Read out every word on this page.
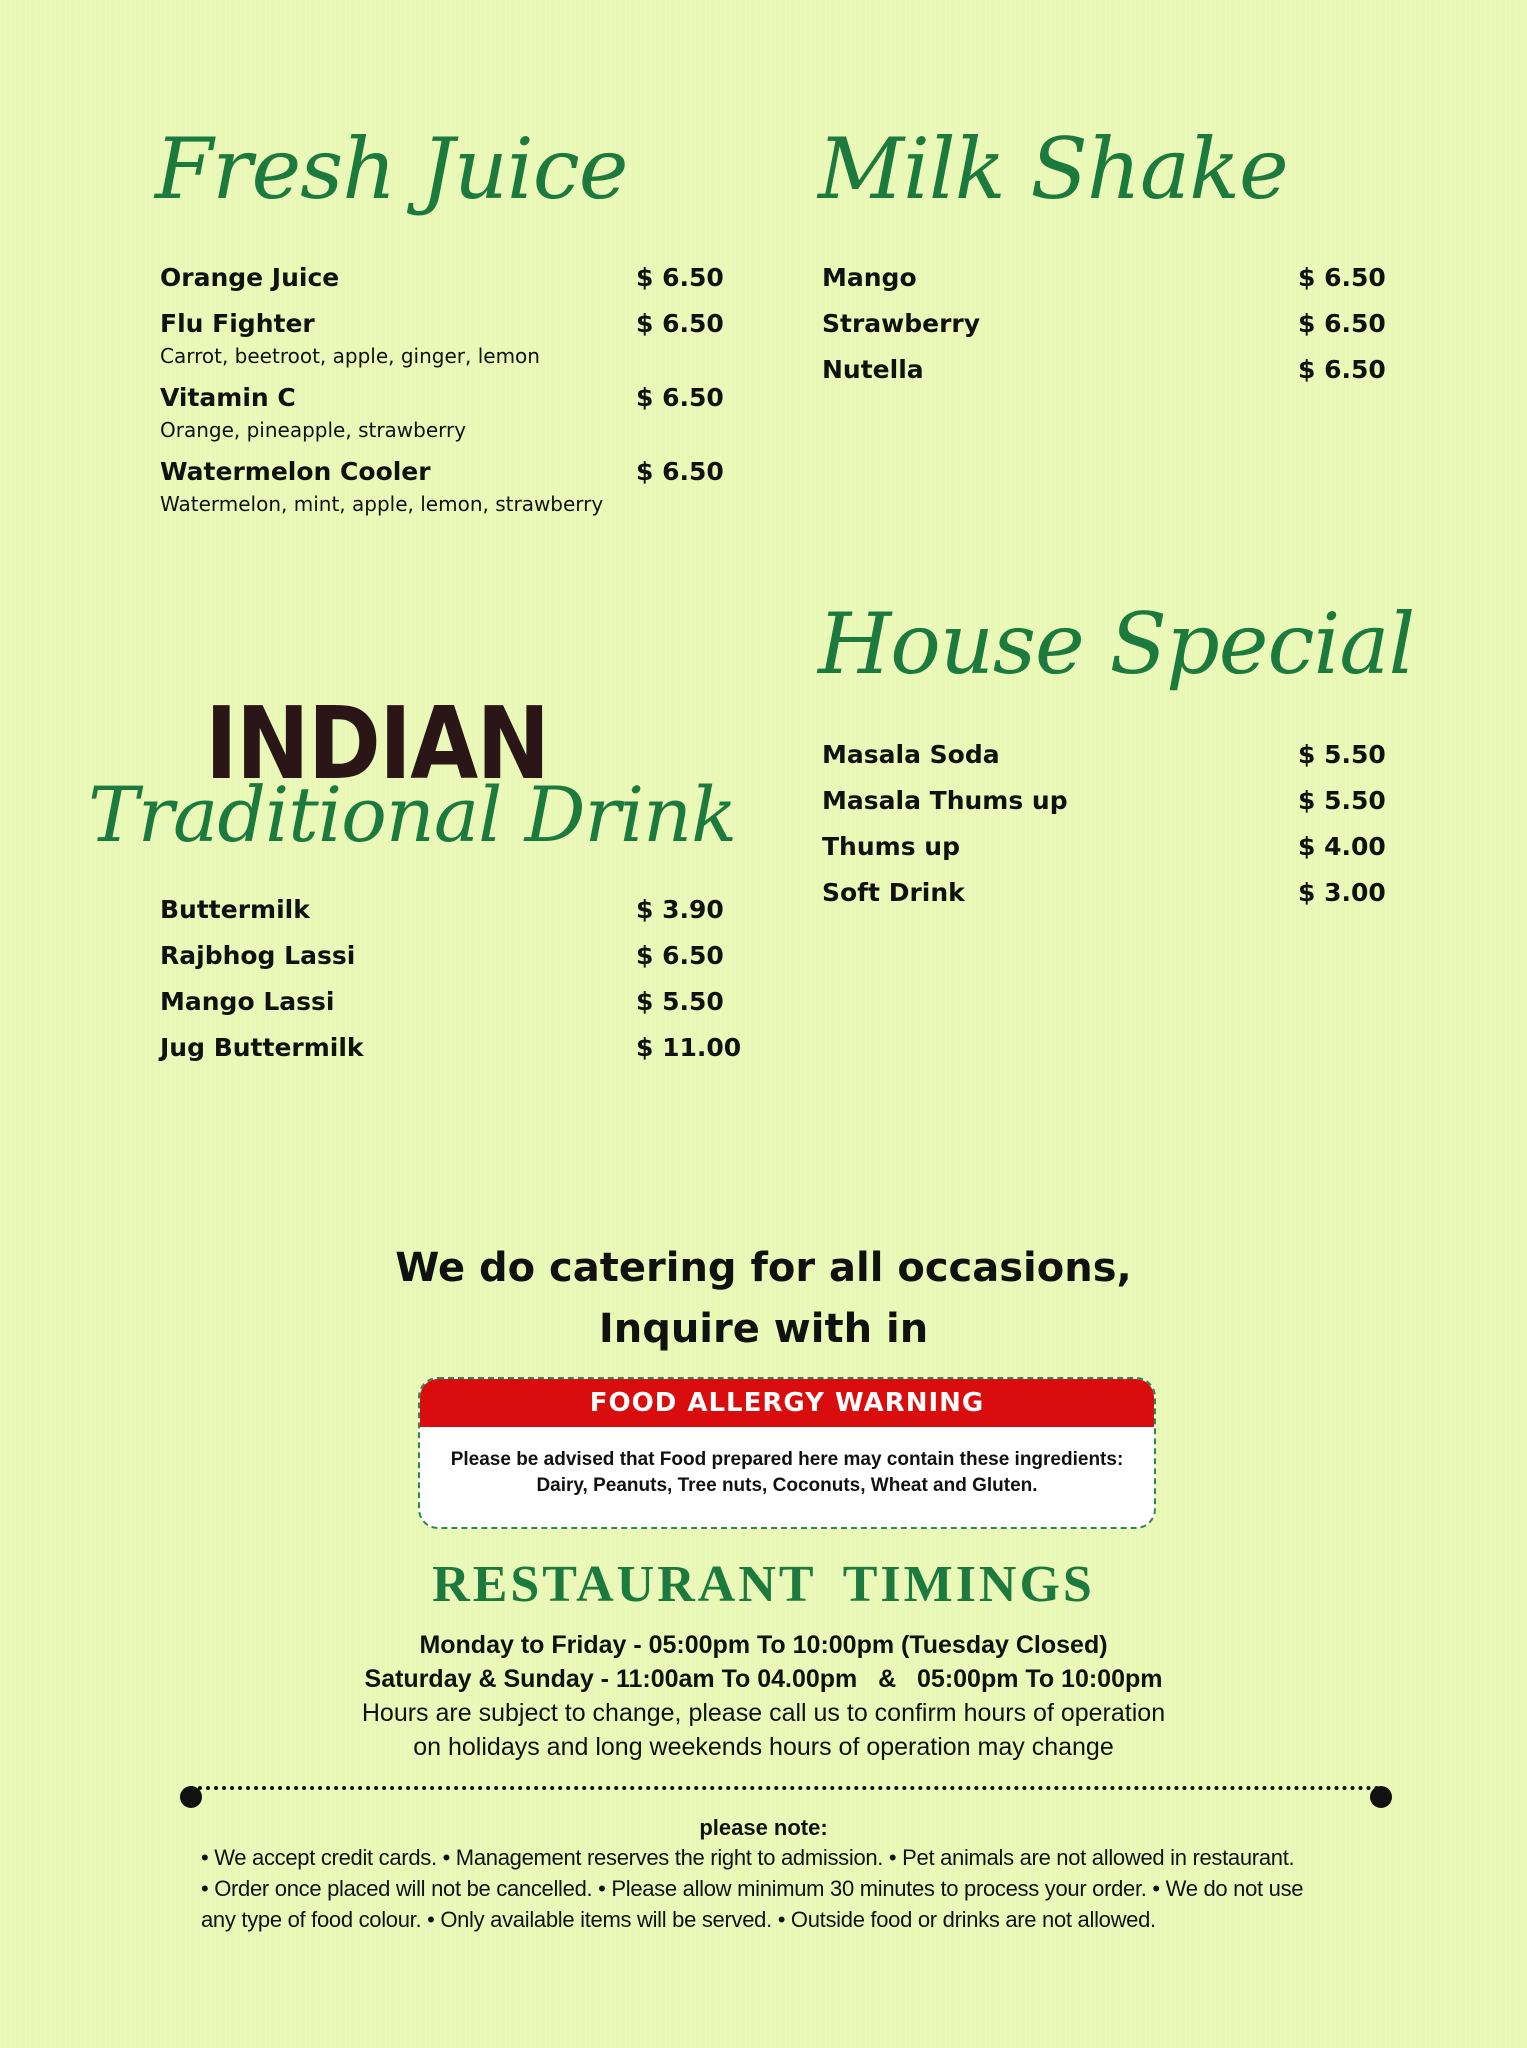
Fresh Juice
Orange Juice	$ 6.50
Flu Fighter	$ 6.50
Carrot, beetroot, apple, ginger, lemon
Vitamin C	$ 6.50
Orange, pineapple, strawberry
Watermelon Cooler	$ 6.50
Watermelon, mint, apple, lemon, strawberry
Milk Shake
Mango	$ 6.50
Strawberry	$ 6.50
Nutella	$ 6.50
House Special
Masala Soda	$ 5.50
Masala Thums up	$ 5.50
Thums up	$ 4.00
Soft Drink	$ 3.00
INDIAN
Traditional Drink
Buttermilk	$ 3.90
Rajbhog Lassi	$ 6.50
Mango Lassi	$ 5.50
Jug Buttermilk	$ 11.00
We do catering for all occasions,
Inquire with in
FOOD ALLERGY WARNING
Please be advised that Food prepared here may contain these ingredients:
Dairy, Peanuts, Tree nuts, Coconuts, Wheat and Gluten.
RESTAURANT TIMINGS
Monday to Friday - 05:00pm To 10:00pm (Tuesday Closed)
Saturday & Sunday - 11:00am To 04.00pm   &   05:00pm To 10:00pm
Hours are subject to change, please call us to confirm hours of operation
on holidays and long weekends hours of operation may change
please note:
• We accept credit cards. • Management reserves the right to admission. • Pet animals are not allowed in restaurant.
• Order once placed will not be cancelled. • Please allow minimum 30 minutes to process your order. • We do not use
any type of food colour. • Only available items will be served. • Outside food or drinks are not allowed.
